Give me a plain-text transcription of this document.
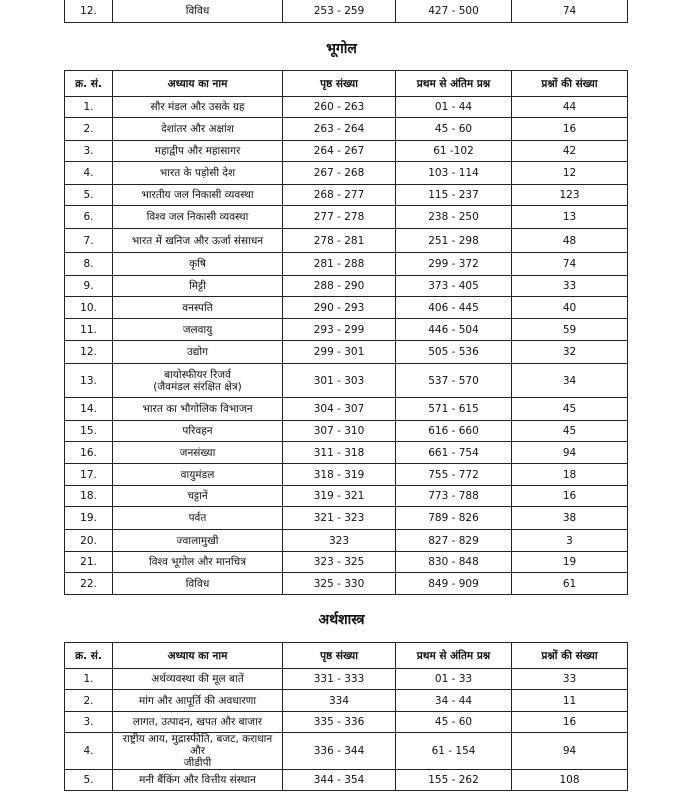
12.	विविध	253 - 259	427 - 500	74
भूगोल
क्र. सं.	अध्याय का नाम	पृष्ठ संख्या	प्रथम से अंतिम प्रश्न	प्रश्नों की संख्या
1.	सौर मंडल और उसके ग्रह	260 - 263	01 - 44	44
2.	देशांतर और अक्षांश	263 - 264	45 - 60	16
3.	महाद्वीप और महासागर	264 - 267	61 -102	42
4.	भारत के पड़ोसी देश	267 - 268	103 - 114	12
5.	भारतीय जल निकासी व्यवस्था	268 - 277	115 - 237	123
6.	विश्व जल निकासी व्यवस्था	277 - 278	238 - 250	13
7.	भारत में खनिज और ऊर्जा संसाधन	278 - 281	251 - 298	48
8.	कृषि	281 - 288	299 - 372	74
9.	मिट्टी	288 - 290	373 - 405	33
10.	वनस्पति	290 - 293	406 - 445	40
11.	जलवायु	293 - 299	446 - 504	59
12.	उद्योग	299 - 301	505 - 536	32
13.	बायोस्फीयर रिजर्व
(जैवमंडल संरक्षित क्षेत्र)	301 - 303	537 - 570	34
14.	भारत का भौगोलिक विभाजन	304 - 307	571 - 615	45
15.	परिवहन	307 - 310	616 - 660	45
16.	जनसंख्या	311 - 318	661 - 754	94
17.	वायुमंडल	318 - 319	755 - 772	18
18.	चट्टानें	319 - 321	773 - 788	16
19.	पर्वत	321 - 323	789 - 826	38
20.	ज्वालामुखी	323	827 - 829	3
21.	विश्व भूगोल और मानचित्र	323 - 325	830 - 848	19
22.	विविध	325 - 330	849 - 909	61
अर्थशास्त्र
क्र. सं.	अध्याय का नाम	पृष्ठ संख्या	प्रथम से अंतिम प्रश्न	प्रश्नों की संख्या
1.	अर्थव्यवस्था की मूल बातें	331 - 333	01 - 33	33
2.	मांग और आपूर्ति की अवधारणा	334	34 - 44	11
3.	लागत, उत्पादन, खपत और बाजार	335 - 336	45 - 60	16
4.	राष्ट्रीय आय, मुद्रास्फीति, बजट, कराधान और
जीडीपी	336 - 344	61 - 154	94
5.	मनी बैंकिंग और वित्तीय संस्थान	344 - 354	155 - 262	108
